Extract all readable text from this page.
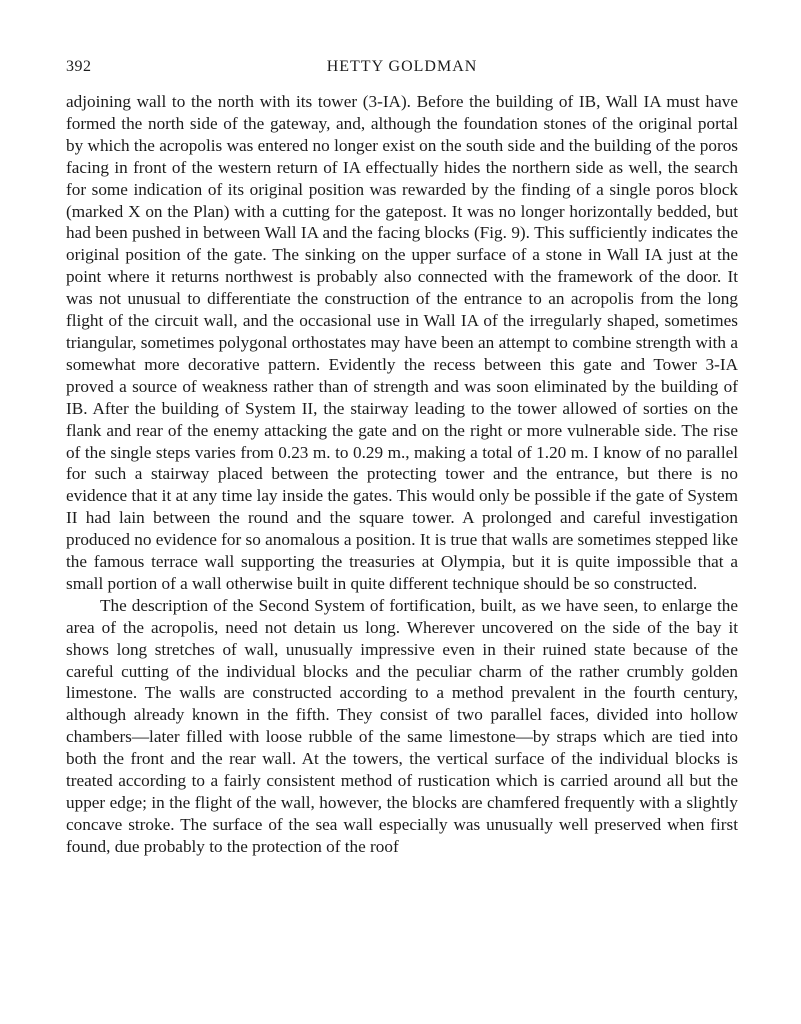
392	HETTY GOLDMAN

adjoining wall to the north with its tower (3-IA). Before the building of IB, Wall IA must have formed the north side of the gateway, and, although the foundation stones of the original portal by which the acropolis was entered no longer exist on the south side and the building of the poros facing in front of the western return of IA effectually hides the northern side as well, the search for some indication of its original position was rewarded by the finding of a single poros block (marked X on the Plan) with a cutting for the gatepost. It was no longer horizontally bedded, but had been pushed in between Wall IA and the facing blocks (Fig. 9). This sufficiently indicates the original position of the gate. The sinking on the upper surface of a stone in Wall IA just at the point where it returns northwest is probably also connected with the framework of the door. It was not unusual to differentiate the construction of the entrance to an acropolis from the long flight of the circuit wall, and the occasional use in Wall IA of the irregularly shaped, sometimes triangular, sometimes polygonal orthostates may have been an attempt to combine strength with a somewhat more decorative pattern. Evidently the recess between this gate and Tower 3-IA proved a source of weakness rather than of strength and was soon eliminated by the building of IB. After the building of System II, the stairway leading to the tower allowed of sorties on the flank and rear of the enemy attacking the gate and on the right or more vulnerable side. The rise of the single steps varies from 0.23 m. to 0.29 m., making a total of 1.20 m. I know of no parallel for such a stairway placed between the protecting tower and the entrance, but there is no evidence that it at any time lay inside the gates. This would only be possible if the gate of System II had lain between the round and the square tower. A prolonged and careful investigation produced no evidence for so anomalous a position. It is true that walls are sometimes stepped like the famous terrace wall supporting the treasuries at Olympia, but it is quite impossible that a small portion of a wall otherwise built in quite different technique should be so constructed.

The description of the Second System of fortification, built, as we have seen, to enlarge the area of the acropolis, need not detain us long. Wherever uncovered on the side of the bay it shows long stretches of wall, unusually impressive even in their ruined state because of the careful cutting of the individual blocks and the peculiar charm of the rather crumbly golden limestone. The walls are constructed according to a method prevalent in the fourth century, although already known in the fifth. They consist of two parallel faces, divided into hollow chambers—later filled with loose rubble of the same limestone—by straps which are tied into both the front and the rear wall. At the towers, the vertical surface of the individual blocks is treated according to a fairly consistent method of rustication which is carried around all but the upper edge; in the flight of the wall, however, the blocks are chamfered frequently with a slightly concave stroke. The surface of the sea wall especially was unusually well preserved when first found, due probably to the protection of the roof
